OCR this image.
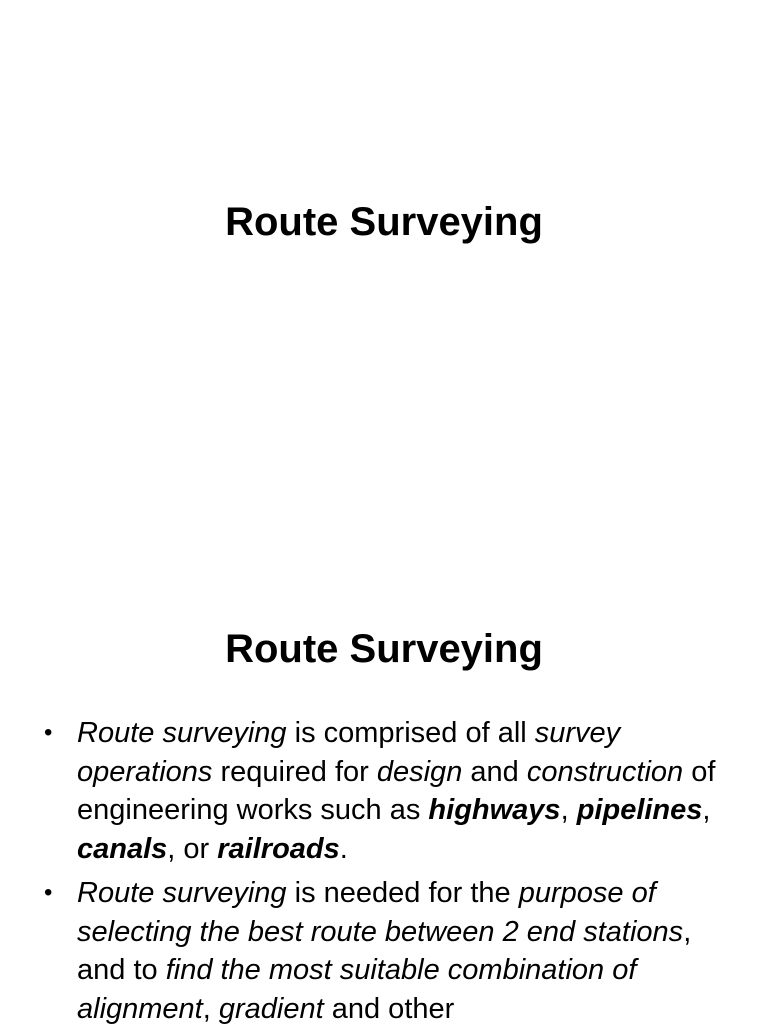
Route Surveying
Route Surveying
• Route surveying is comprised of all survey operations required for design and construction of engineering works such as highways, pipelines, canals, or railroads.
• Route surveying is needed for the purpose of selecting the best route between 2 end stations, and to find the most suitable combination of alignment, gradient and other
